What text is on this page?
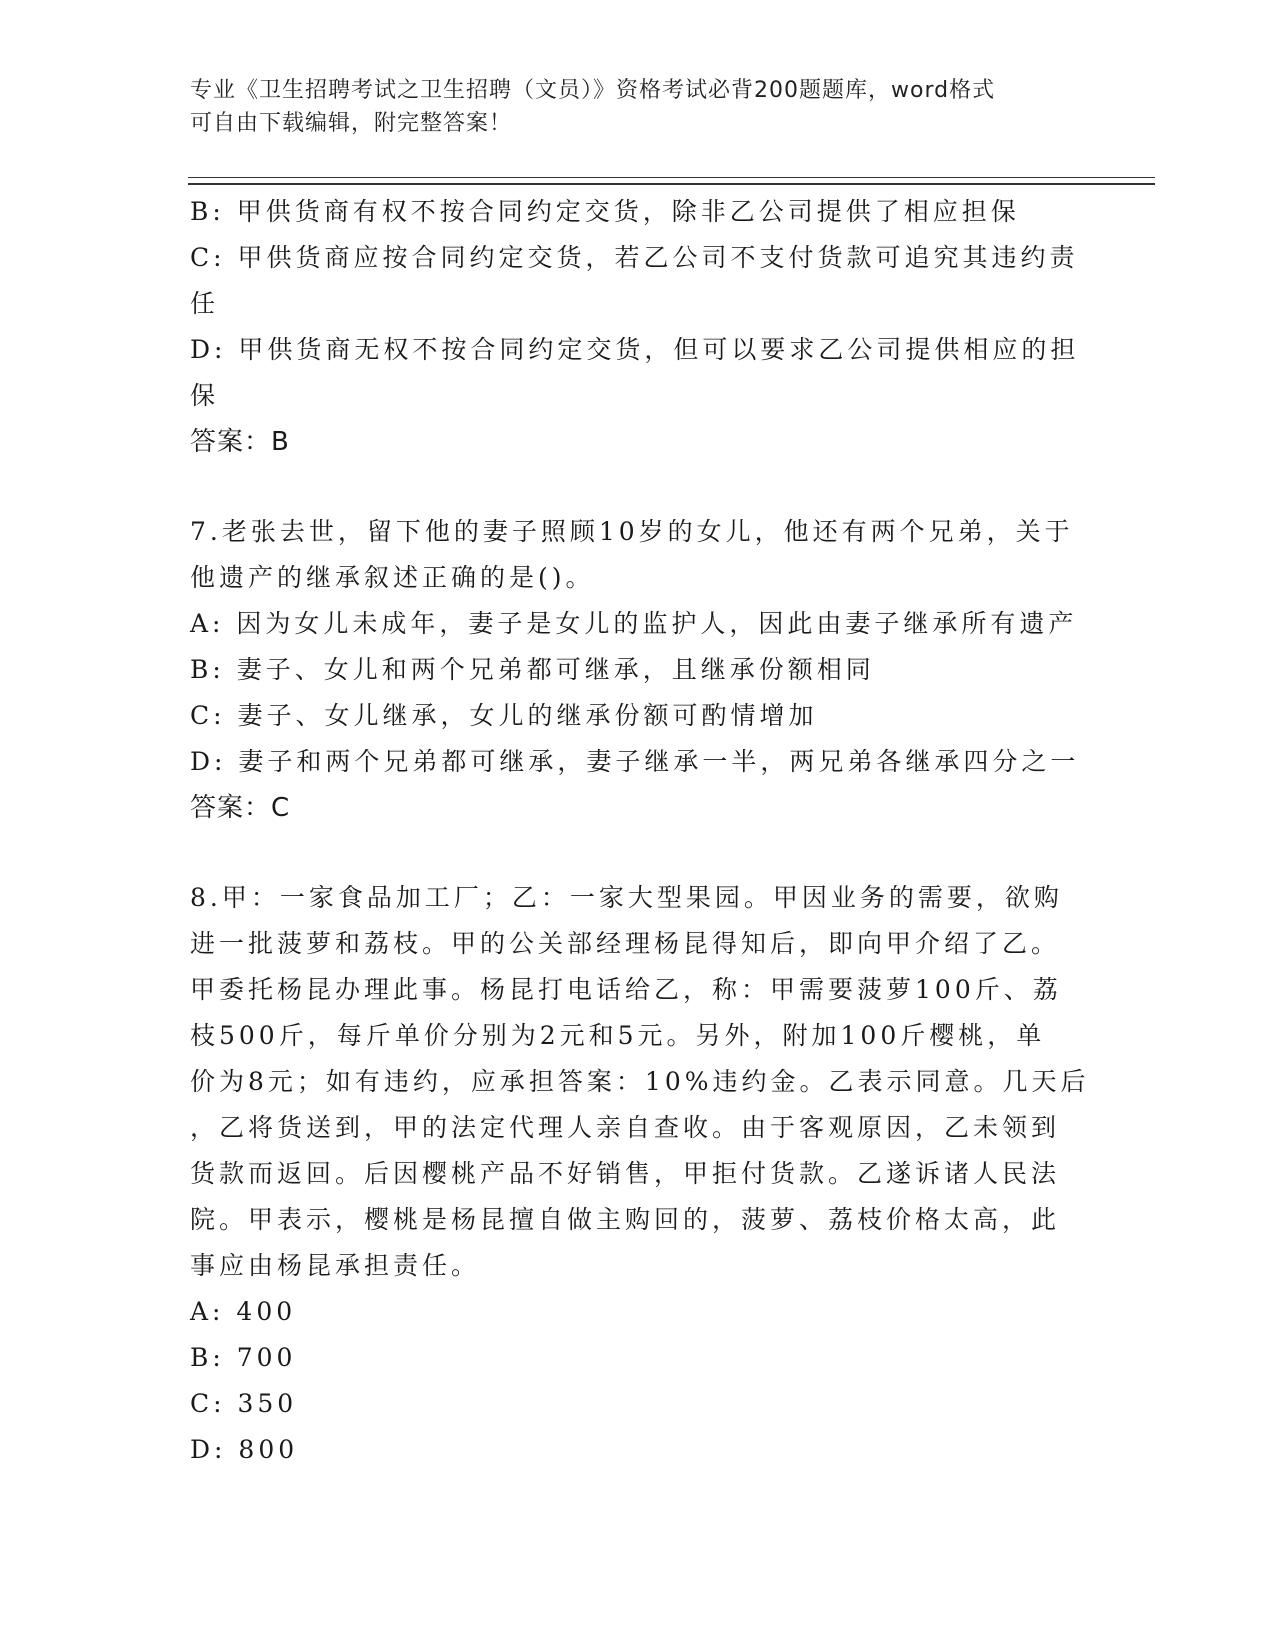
专业《卫生招聘考试之卫生招聘（文员）》资格考试必背200题题库，word格式
可自由下载编辑，附完整答案！
B: 甲供货商有权不按合同约定交货，除非乙公司提供了相应担保
C: 甲供货商应按合同约定交货，若乙公司不支付货款可追究其违约责
任
D: 甲供货商无权不按合同约定交货，但可以要求乙公司提供相应的担
保
答案：B
7.老张去世，留下他的妻子照顾10岁的女儿，他还有两个兄弟，关于
他遗产的继承叙述正确的是()。
A: 因为女儿未成年，妻子是女儿的监护人，因此由妻子继承所有遗产
B: 妻子、女儿和两个兄弟都可继承，且继承份额相同
C: 妻子、女儿继承，女儿的继承份额可酌情增加
D: 妻子和两个兄弟都可继承，妻子继承一半，两兄弟各继承四分之一
答案：C
8.甲：一家食品加工厂；乙：一家大型果园。甲因业务的需要，欲购
进一批菠萝和荔枝。甲的公关部经理杨昆得知后，即向甲介绍了乙。
甲委托杨昆办理此事。杨昆打电话给乙，称：甲需要菠萝100斤、荔
枝500斤，每斤单价分别为2元和5元。另外，附加100斤樱桃，单
价为8元；如有违约，应承担答案：10%违约金。乙表示同意。几天后
，乙将货送到，甲的法定代理人亲自查收。由于客观原因，乙未领到
货款而返回。后因樱桃产品不好销售，甲拒付货款。乙遂诉诸人民法
院。甲表示，樱桃是杨昆擅自做主购回的，菠萝、荔枝价格太高，此
事应由杨昆承担责任。
A: 400
B: 700
C: 350
D: 800
